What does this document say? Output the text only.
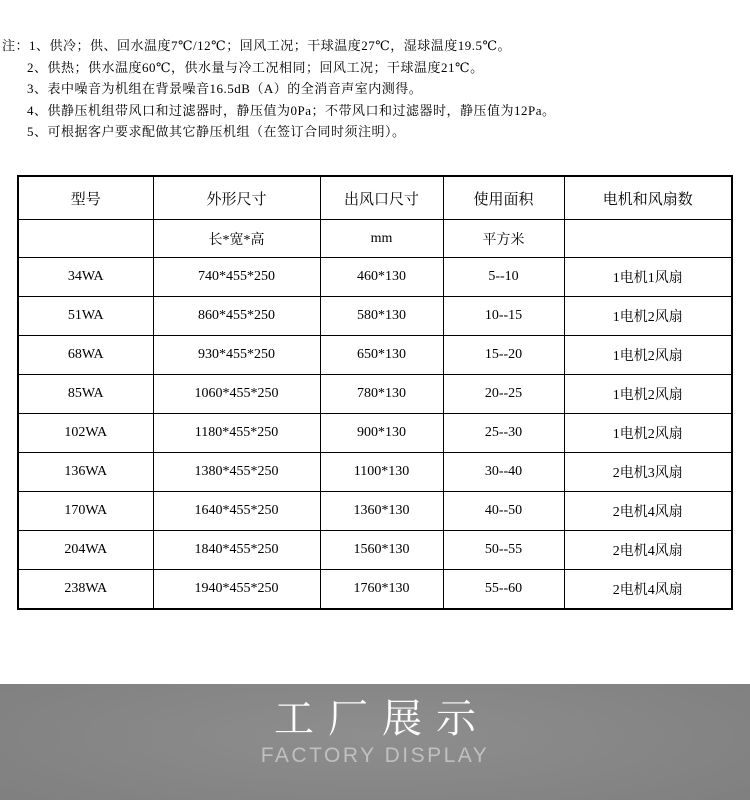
注：1、供冷；供、回水温度7℃/12℃；回风工况；干球温度27℃，湿球温度19.5℃。
2、供热；供水温度60℃，供水量与冷工况相同；回风工况；干球温度21℃。
3、表中噪音为机组在背景噪音16.5dB（A）的全消音声室内测得。
4、供静压机组带风口和过滤器时，静压值为0Pa；不带风口和过滤器时，静压值为12Pa。
5、可根据客户要求配做其它静压机组（在签订合同时须注明）。
型号	外形尺寸	出风口尺寸	使用面积	电机和风扇数
	长*宽*高	mm	平方米	
34WA	740*455*250	460*130	5--10	1电机1风扇
51WA	860*455*250	580*130	10--15	1电机2风扇
68WA	930*455*250	650*130	15--20	1电机2风扇
85WA	1060*455*250	780*130	20--25	1电机2风扇
102WA	1180*455*250	900*130	25--30	1电机2风扇
136WA	1380*455*250	1100*130	30--40	2电机3风扇
170WA	1640*455*250	1360*130	40--50	2电机4风扇
204WA	1840*455*250	1560*130	50--55	2电机4风扇
238WA	1940*455*250	1760*130	55--60	2电机4风扇
工厂展示
FACTORY DISPLAY
